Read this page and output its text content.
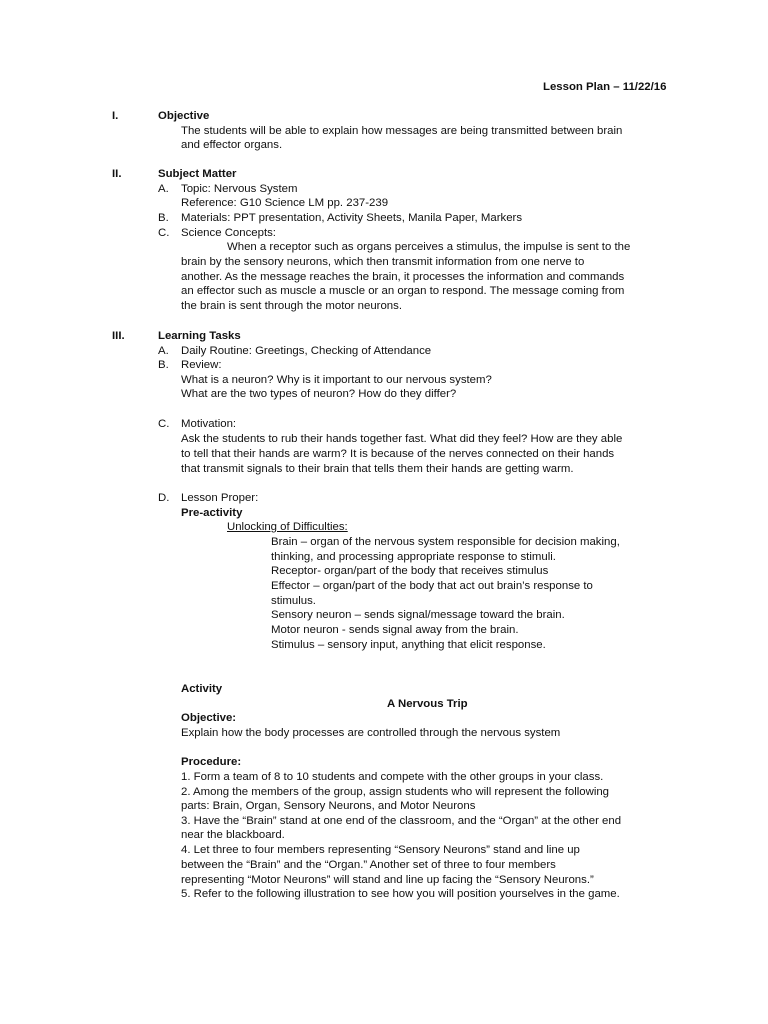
Lesson Plan – 11/22/16
I.	Objective
The students will be able to explain how messages are being transmitted between brain
and effector organs.
II.	Subject Matter
A. Topic: Nervous System
Reference: G10 Science LM pp. 237-239
B. Materials: PPT presentation, Activity Sheets, Manila Paper, Markers
C. Science Concepts:
When a receptor such as organs perceives a stimulus, the impulse is sent to the
brain by the sensory neurons, which then transmit information from one nerve to
another. As the message reaches the brain, it processes the information and commands
an effector such as muscle a muscle or an organ to respond. The message coming from
the brain is sent through the motor neurons.
III.	Learning Tasks
A. Daily Routine: Greetings, Checking of Attendance
B. Review:
What is a neuron? Why is it important to our nervous system?
What are the two types of neuron? How do they differ?
C. Motivation:
Ask the students to rub their hands together fast. What did they feel? How are they able
to tell that their hands are warm? It is because of the nerves connected on their hands
that transmit signals to their brain that tells them their hands are getting warm.
D. Lesson Proper:
Pre-activity
Unlocking of Difficulties:
Brain – organ of the nervous system responsible for decision making,
thinking, and processing appropriate response to stimuli.
Receptor- organ/part of the body that receives stimulus
Effector – organ/part of the body that act out brain’s response to
stimulus.
Sensory neuron – sends signal/message toward the brain.
Motor neuron - sends signal away from the brain.
Stimulus – sensory input, anything that elicit response.
Activity
A Nervous Trip
Objective:
Explain how the body processes are controlled through the nervous system
Procedure:
1. Form a team of 8 to 10 students and compete with the other groups in your class.
2. Among the members of the group, assign students who will represent the following
parts: Brain, Organ, Sensory Neurons, and Motor Neurons
3. Have the “Brain” stand at one end of the classroom, and the “Organ” at the other end
near the blackboard.
4. Let three to four members representing “Sensory Neurons” stand and line up
between the “Brain” and the “Organ.” Another set of three to four members
representing “Motor Neurons” will stand and line up facing the “Sensory Neurons.”
5. Refer to the following illustration to see how you will position yourselves in the game.
